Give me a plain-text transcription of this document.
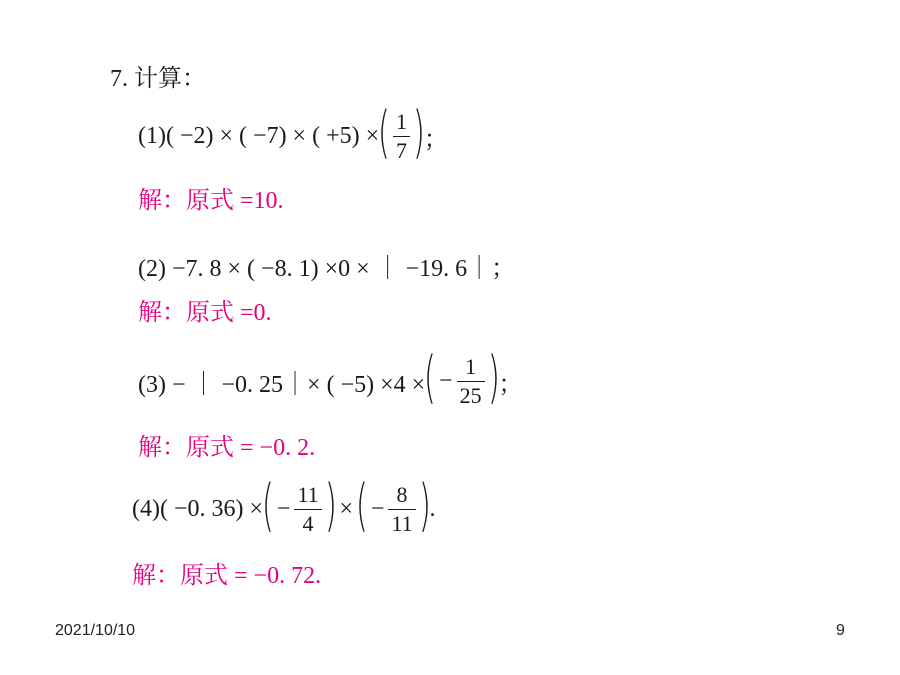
7. 计算：
(1)( −2) × ( −7) × ( +5) ×
( $\frac{1}{7}$ )
；
解：原式 =10.
(2) −7. 8 × ( −8. 1) ×0 × ｜ −19. 6｜；
解：原式 =0.
(3) − ｜ −0. 25｜× ( −5) ×4 ×
( − $\frac{1}{25}$ )
；
解：原式 = −0. 2.
(4)( −0. 36) ×
( − $\frac{11}{4}$ ) × ( − $\frac{8}{11}$ )
.
解：原式 = −0. 72.
2021/10/10	9
